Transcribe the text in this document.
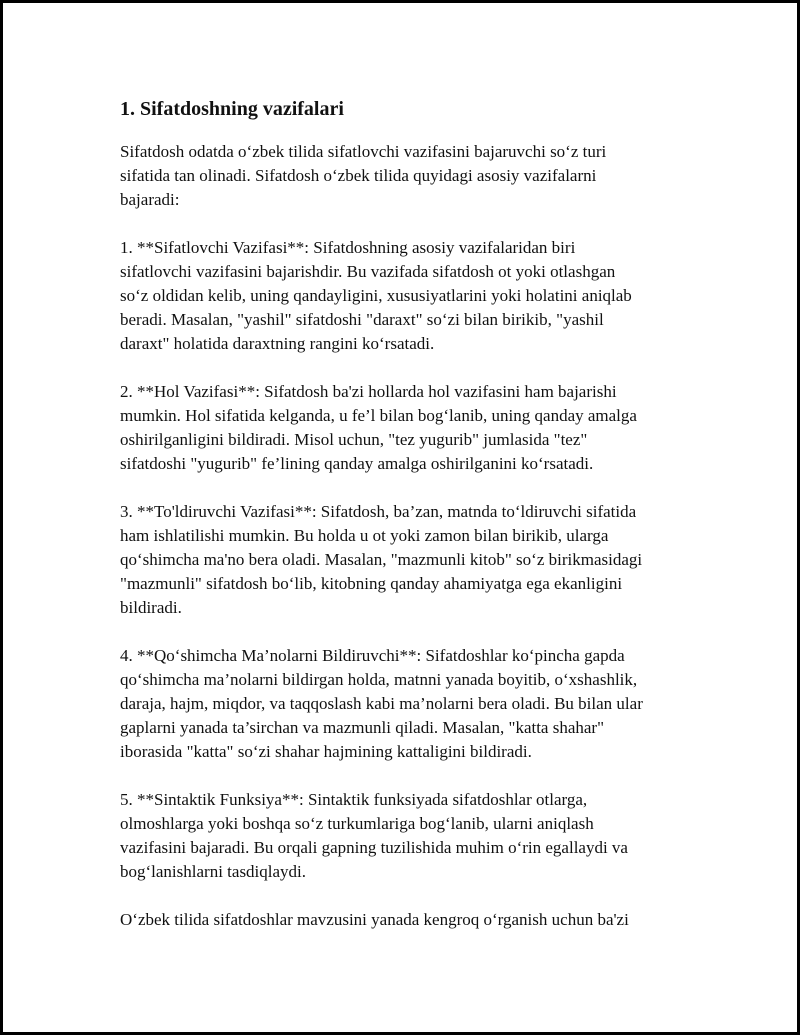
1. Sifatdoshning vazifalari

Sifatdosh odatda o‘zbek tilida sifatlovchi vazifasini bajaruvchi so‘z turi
sifatida tan olinadi. Sifatdosh o‘zbek tilida quyidagi asosiy vazifalarni
bajaradi:

1. **Sifatlovchi Vazifasi**: Sifatdoshning asosiy vazifalaridan biri
sifatlovchi vazifasini bajarishdir. Bu vazifada sifatdosh ot yoki otlashgan
so‘z oldidan kelib, uning qandayligini, xususiyatlarini yoki holatini aniqlab
beradi. Masalan, "yashil" sifatdoshi "daraxt" so‘zi bilan birikib, "yashil
daraxt" holatida daraxtning rangini ko‘rsatadi.

2. **Hol Vazifasi**: Sifatdosh ba'zi hollarda hol vazifasini ham bajarishi
mumkin. Hol sifatida kelganda, u fe’l bilan bog‘lanib, uning qanday amalga
oshirilganligini bildiradi. Misol uchun, "tez yugurib" jumlasida "tez"
sifatdoshi "yugurib" fe’lining qanday amalga oshirilganini ko‘rsatadi.

3. **To'ldiruvchi Vazifasi**: Sifatdosh, ba’zan, matnda to‘ldiruvchi sifatida
ham ishlatilishi mumkin. Bu holda u ot yoki zamon bilan birikib, ularga
qo‘shimcha ma'no bera oladi. Masalan, "mazmunli kitob" so‘z birikmasidagi
"mazmunli" sifatdosh bo‘lib, kitobning qanday ahamiyatga ega ekanligini
bildiradi.

4. **Qo‘shimcha Ma’nolarni Bildiruvchi**: Sifatdoshlar ko‘pincha gapda
qo‘shimcha ma’nolarni bildirgan holda, matnni yanada boyitib, o‘xshashlik,
daraja, hajm, miqdor, va taqqoslash kabi ma’nolarni bera oladi. Bu bilan ular
gaplarni yanada ta’sirchan va mazmunli qiladi. Masalan, "katta shahar"
iborasida "katta" so‘zi shahar hajmining kattaligini bildiradi.

5. **Sintaktik Funksiya**: Sintaktik funksiyada sifatdoshlar otlarga,
olmoshlarga yoki boshqa so‘z turkumlariga bog‘lanib, ularni aniqlash
vazifasini bajaradi. Bu orqali gapning tuzilishida muhim o‘rin egallaydi va
bog‘lanishlarni tasdiqlaydi.

O‘zbek tilida sifatdoshlar mavzusini yanada kengroq o‘rganish uchun ba'zi
